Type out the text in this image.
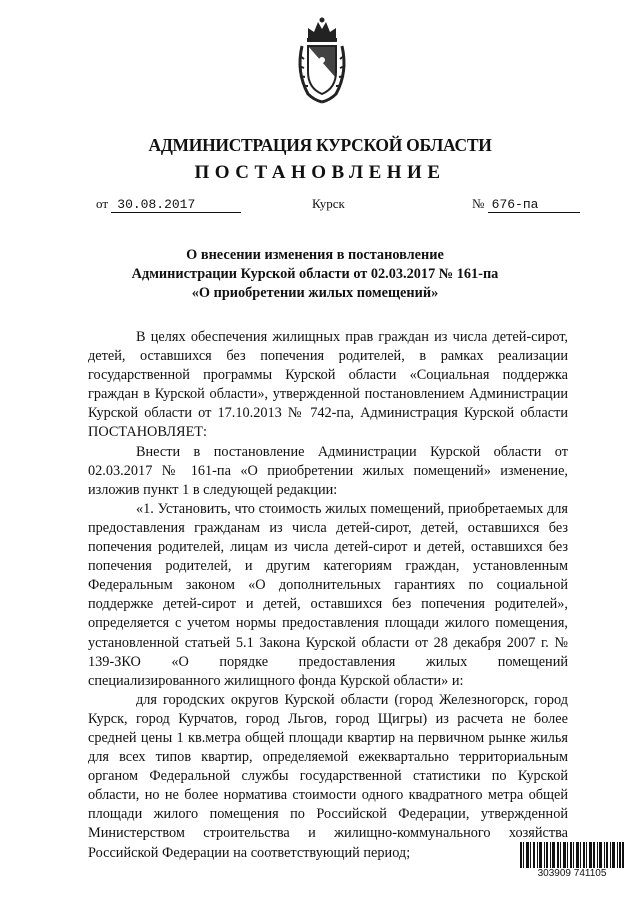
АДМИНИСТРАЦИЯ КУРСКОЙ ОБЛАСТИ
ПОСТАНОВЛЕНИЕ
от 30.08.2017	Курск	№ 676-па
О внесении изменения в постановление
Администрации Курской области от 02.03.2017 № 161-па
«О приобретении жилых помещений»

В целях обеспечения жилищных прав граждан из числа детей-сирот, детей, оставшихся без попечения родителей, в рамках реализации государственной программы Курской области «Социальная поддержка граждан в Курской области», утвержденной постановлением Администрации Курской области от 17.10.2013 № 742-па, Администрация Курской области ПОСТАНОВЛЯЕТ:

Внести в постановление Администрации Курской области от 02.03.2017 № 161-па «О приобретении жилых помещений» изменение, изложив пункт 1 в следующей редакции:

«1. Установить, что стоимость жилых помещений, приобретаемых для предоставления гражданам из числа детей-сирот, детей, оставшихся без попечения родителей, лицам из числа детей-сирот и детей, оставшихся без попечения родителей, и другим категориям граждан, установленным Федеральным законом «О дополнительных гарантиях по социальной поддержке детей-сирот и детей, оставшихся без попечения родителей», определяется с учетом нормы предоставления площади жилого помещения, установленной статьей 5.1 Закона Курской области от 28 декабря 2007 г. № 139-ЗКО «О порядке предоставления жилых помещений специализированного жилищного фонда Курской области» и:

для городских округов Курской области (город Железногорск, город Курск, город Курчатов, город Льгов, город Щигры) из расчета не более средней цены 1 кв.метра общей площади квартир на первичном рынке жилья для всех типов квартир, определяемой ежеквартально территориальным органом Федеральной службы государственной статистики по Курской области, но не более норматива стоимости одного квадратного метра общей площади жилого помещения по Российской Федерации, утвержденной Министерством строительства и жилищно-коммунального хозяйства Российской Федерации на соответствующий период;

303909 741105
